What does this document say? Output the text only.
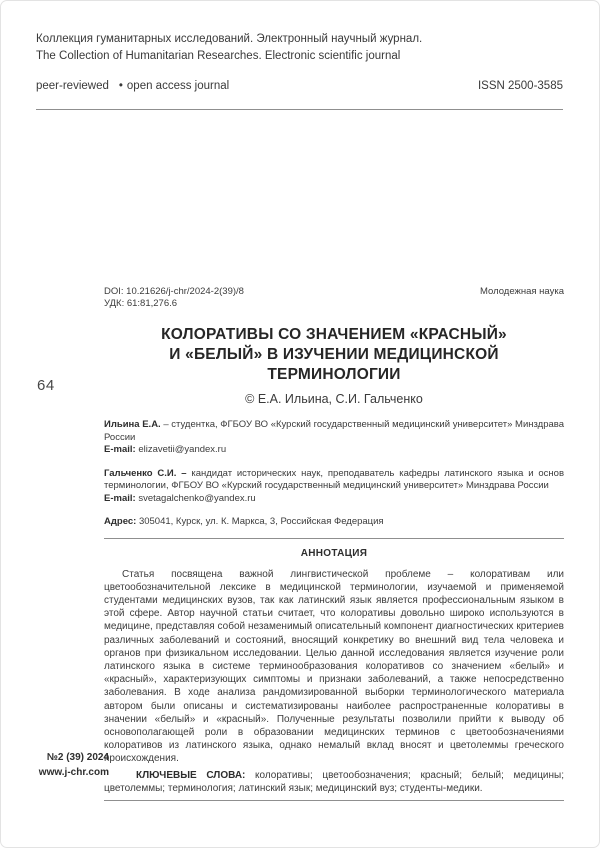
Коллекция гуманитарных исследований. Электронный научный журнал.
The Collection of Humanitarian Researches. Electronic scientific journal
peer-reviewed • open access journal	ISSN 2500-3585
64
№2 (39) 2024
www.j-chr.com
DOI: 10.21626/j-chr/2024-2(39)/8	Молодежная наука
УДК: 61:81,276.6
КОЛОРАТИВЫ СО ЗНАЧЕНИЕМ «КРАСНЫЙ»
И «БЕЛЫЙ» В ИЗУЧЕНИИ МЕДИЦИНСКОЙ
ТЕРМИНОЛОГИИ
© Е.А. Ильина, С.И. Гальченко

Ильина Е.А. – студентка, ФГБОУ ВО «Курский государственный медицинский университет» Минздрава России

E-mail: elizavetii@yandex.ru

Гальченко С.И. – кандидат исторических наук, преподаватель кафедры латинского языка и основ терминологии, ФГБОУ ВО «Курский государственный медицинский университет» Минздрава России

E-mail: svetagalchenko@yandex.ru

Адрес: 305041, Курск, ул. К. Маркса, 3, Российская Федерация

АННОТАЦИЯ

Статья посвящена важной лингвистической проблеме – колоративам или цветообозначительной лексике в медицинской терминологии, изучаемой и применяемой студентами медицинских вузов, так как латинский язык является профессиональным языком в этой сфере. Автор научной статьи считает, что колоративы довольно широко используются в медицине, представляя собой незаменимый описательный компонент диагностических критериев различных заболеваний и состояний, вносящий конкретику во внешний вид тела человека и органов при физикальном исследовании. Целью данной исследования является изучение роли латинского языка в системе терминообразования колоративов со значением «белый» и «красный», характеризующих симптомы и признаки заболеваний, а также непосредственно заболевания. В ходе анализа рандомизированной выборки терминологического материала автором были описаны и систематизированы наиболее распространенные колоративы в значении «белый» и «красный». Полученные результаты позволили прийти к выводу об основополагающей роли в образовании медицинских терминов с цветообозначениями колоративов из латинского языка, однако немалый вклад вносят и цветолеммы греческого происхождения.

КЛЮЧЕВЫЕ СЛОВА: колоративы; цветообозначения; красный; белый; медицины; цветолеммы; терминология; латинский язык; медицинский вуз; студенты-медики.
